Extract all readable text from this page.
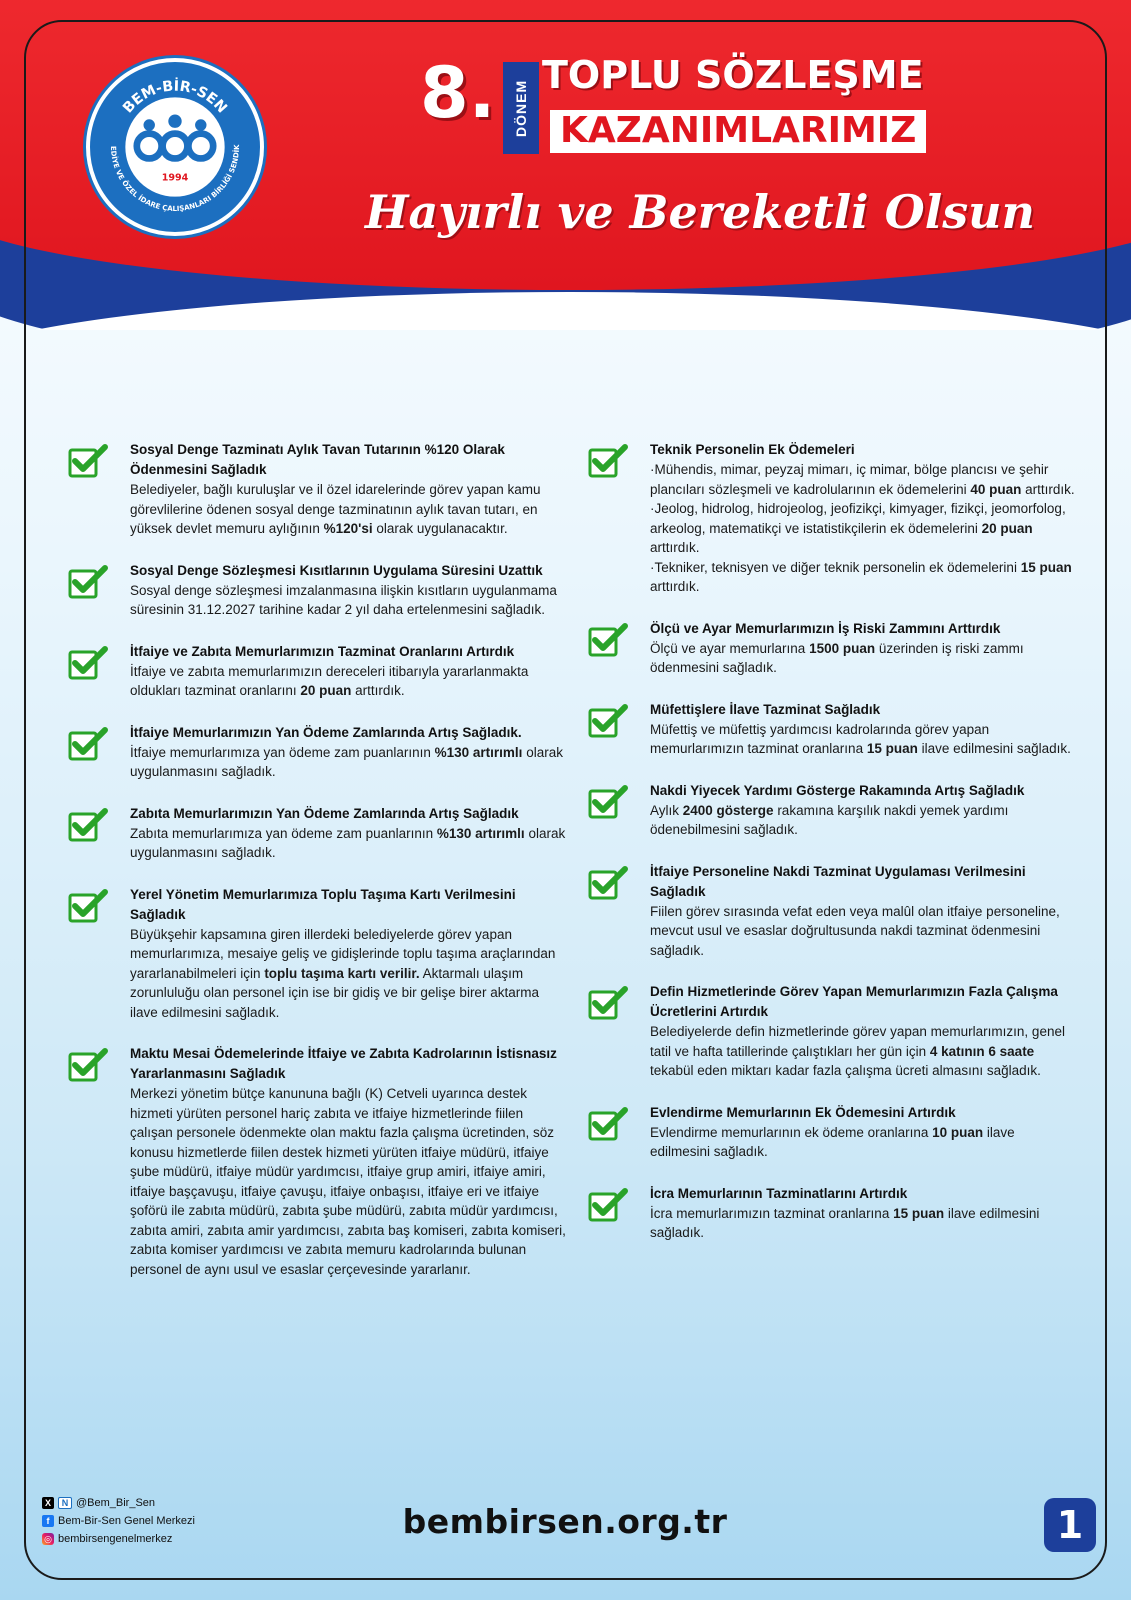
BEM-BİR-SEN
EDİYE VE ÖZEL İDARE ÇALIŞANLARI BİRLİĞİ SENDİK
1994
8.	DÖNEM
TOPLU SÖZLEŞME
KAZANIMLARIMIZ
Hayırlı ve Bereketli Olsun
Sosyal Denge Tazminatı Aylık Tavan Tutarının %120 Olarak Ödenmesini Sağladık
Belediyeler, bağlı kuruluşlar ve il özel idarelerinde görev yapan kamu görevlilerine ödenen sosyal denge tazminatının aylık tavan tutarı, en yüksek devlet memuru aylığının %120'si olarak uygulanacaktır.
Sosyal Denge Sözleşmesi Kısıtlarının Uygulama Süresini Uzattık
Sosyal denge sözleşmesi imzalanmasına ilişkin kısıtların uygulanmama süresinin 31.12.2027 tarihine kadar 2 yıl daha ertelenmesini sağladık.
İtfaiye ve Zabıta Memurlarımızın Tazminat Oranlarını Artırdık
İtfaiye ve zabıta memurlarımızın dereceleri itibarıyla yararlanmakta oldukları tazminat oranlarını 20 puan arttırdık.
İtfaiye Memurlarımızın Yan Ödeme Zamlarında Artış Sağladık.
İtfaiye memurlarımıza yan ödeme zam puanlarının %130 artırımlı olarak uygulanmasını sağladık.
Zabıta Memurlarımızın Yan Ödeme Zamlarında Artış Sağladık
Zabıta memurlarımıza yan ödeme zam puanlarının %130 artırımlı olarak uygulanmasını sağladık.
Yerel Yönetim Memurlarımıza Toplu Taşıma Kartı Verilmesini Sağladık
Büyükşehir kapsamına giren illerdeki belediyelerde görev yapan memurlarımıza, mesaiye geliş ve gidişlerinde toplu taşıma araçlarından yararlanabilmeleri için toplu taşıma kartı verilir. Aktarmalı ulaşım zorunluluğu olan personel için ise bir gidiş ve bir gelişe birer aktarma ilave edilmesini sağladık.
Maktu Mesai Ödemelerinde İtfaiye ve Zabıta Kadrolarının İstisnasız Yararlanmasını Sağladık
Merkezi yönetim bütçe kanununa bağlı (K) Cetveli uyarınca destek hizmeti yürüten personel hariç zabıta ve itfaiye hizmetlerinde fiilen çalışan personele ödenmekte olan maktu fazla çalışma ücretinden, söz konusu hizmetlerde fiilen destek hizmeti yürüten itfaiye müdürü, itfaiye şube müdürü, itfaiye müdür yardımcısı, itfaiye grup amiri, itfaiye amiri, itfaiye başçavuşu, itfaiye çavuşu, itfaiye onbaşısı, itfaiye eri ve itfaiye şoförü ile zabıta müdürü, zabıta şube müdürü, zabıta müdür yardımcısı, zabıta amiri, zabıta amir yardımcısı, zabıta baş komiseri, zabıta komiseri, zabıta komiser yardımcısı ve zabıta memuru kadrolarında bulunan personel de aynı usul ve esaslar çerçevesinde yararlanır.
Teknik Personelin Ek Ödemeleri
·Mühendis, mimar, peyzaj mimarı, iç mimar, bölge plancısı ve şehir plancıları sözleşmeli ve kadrolularının ek ödemelerini 40 puan arttırdık.
·Jeolog, hidrolog, hidrojeolog, jeofizikçi, kimyager, fizikçi, jeomorfolog, arkeolog, matematikçi ve istatistikçilerin ek ödemelerini 20 puan arttırdık.
·Tekniker, teknisyen ve diğer teknik personelin ek ödemelerini 15 puan arttırdık.
Ölçü ve Ayar Memurlarımızın İş Riski Zammını Arttırdık
Ölçü ve ayar memurlarına 1500 puan üzerinden iş riski zammı ödenmesini sağladık.
Müfettişlere İlave Tazminat Sağladık
Müfettiş ve müfettiş yardımcısı kadrolarında görev yapan memurlarımızın tazminat oranlarına 15 puan ilave edilmesini sağladık.
Nakdi Yiyecek Yardımı Gösterge Rakamında Artış Sağladık
Aylık 2400 gösterge rakamına karşılık nakdi yemek yardımı ödenebilmesini sağladık.
İtfaiye Personeline Nakdi Tazminat Uygulaması Verilmesini Sağladık
Fiilen görev sırasında vefat eden veya malûl olan itfaiye personeline, mevcut usul ve esaslar doğrultusunda nakdi tazminat ödenmesini sağladık.
Defin Hizmetlerinde Görev Yapan Memurlarımızın Fazla Çalışma Ücretlerini Artırdık
Belediyelerde defin hizmetlerinde görev yapan memurlarımızın, genel tatil ve hafta tatillerinde çalıştıkları her gün için 4 katının 6 saate tekabül eden miktarı kadar fazla çalışma ücreti almasını sağladık.
Evlendirme Memurlarının Ek Ödemesini Artırdık
Evlendirme memurlarının ek ödeme oranlarına 10 puan ilave edilmesini sağladık.
İcra Memurlarının Tazminatlarını Artırdık
İcra memurlarımızın tazminat oranlarına 15 puan ilave edilmesini sağladık.
X	N @Bem_Bir_Sen
f Bem-Bir-Sen Genel Merkezi
◎ bembirsengenelmerkez	bembirsen.org.tr	1
